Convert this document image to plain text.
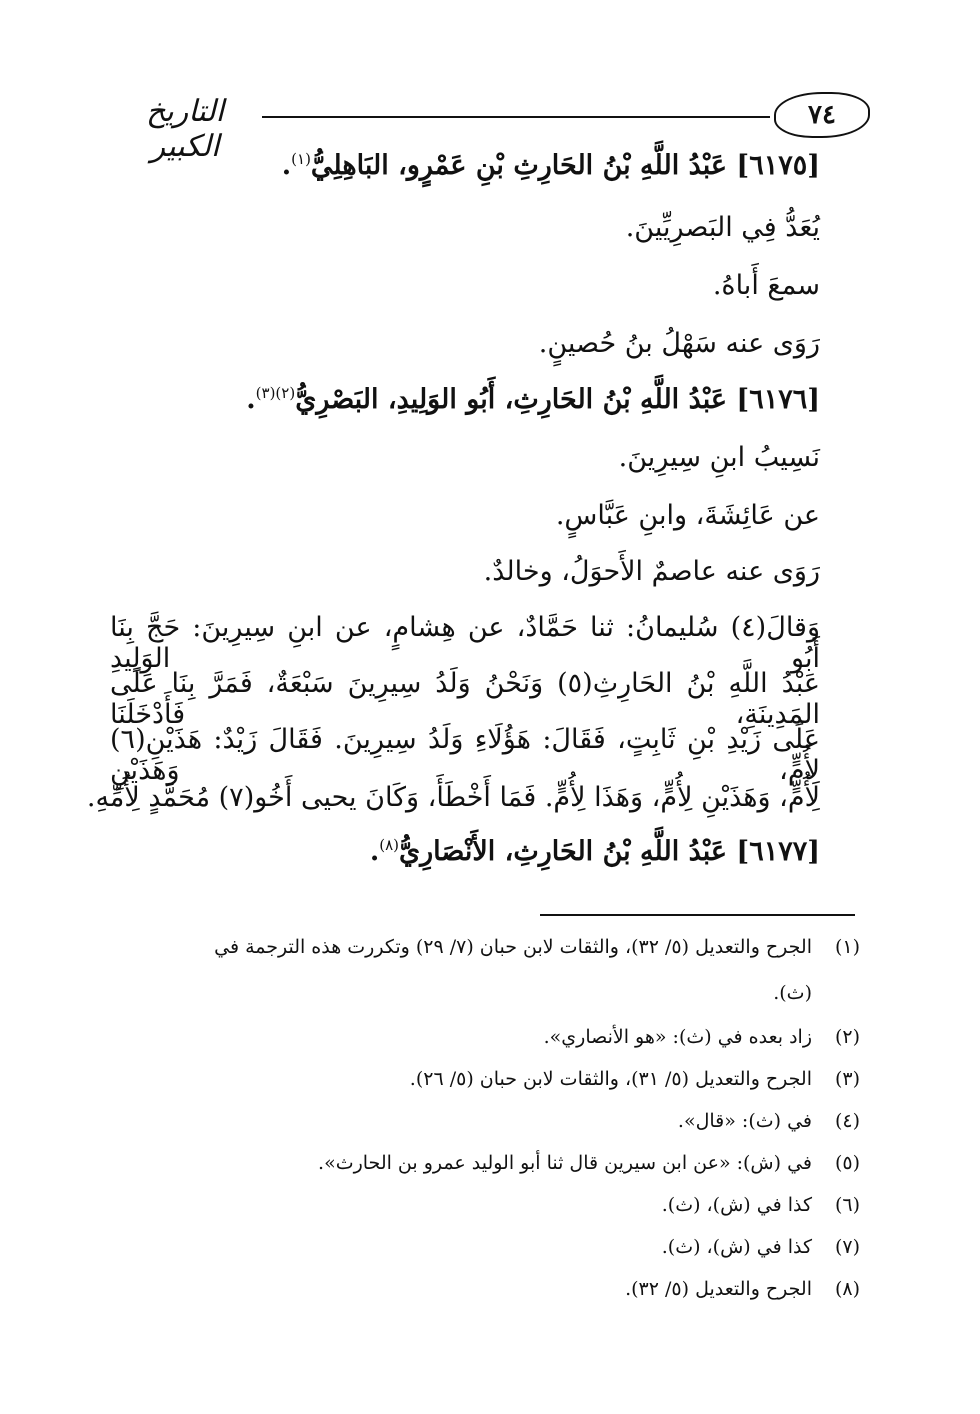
٧٤
التاريخ الكبير
[٦١٧٥] عَبْدُ اللَّهِ بْنُ الحَارِثِ بْنِ عَمْرٍو، البَاهِلِيُّ$^{(١)}$.
يُعَدُّ فِي البَصرِيِّينَ.
سمعَ أَباهُ.
رَوَى عنه سَهْلُ بنُ حُصينٍ.
[٦١٧٦] عَبْدُ اللَّهِ بْنُ الحَارِثِ، أَبُو الوَلِيدِ، البَصْرِيُّ$^{(٢)(٣)}$.
نَسِيبُ ابنِ سِيرِينَ.
عن عَائِشَةَ، وابنِ عَبَّاسٍ.
رَوَى عنه عاصمٌ الأَحوَلُ، وخالدٌ.
وَقالَ(٤) سُليمانُ: ثنا حَمَّادٌ، عن هِشامٍ، عن ابنِ سِيرِينَ: حَجَّ بِنَا أَبُو الوَلِيدِ
عَبْدُ اللَّهِ بْنُ الحَارِثِ(٥) وَنَحْنُ وَلَدُ سِيرِينَ سَبْعَةٌ، فَمَرَّ بِنَا عَلَى المَدِينَةِ، فَأَدْخَلَنَا
عَلَى زَيْدِ بْنِ ثَابِتٍ، فَقَالَ: هَؤُلَاءِ وَلَدُ سِيرِينَ. فَقَالَ زَيْدٌ: هَذَيْنِ(٦) لِأُمٍّ، وَهَذَيْنِ
لِأُمٍّ، وَهَذَيْنِ لِأُمٍّ، وَهَذَا لِأُمٍّ. فَمَا أَخْطَأَ، وَكَانَ يحيى أَخُو(٧) مُحَمَّدٍ لِأُمِّهِ.
[٦١٧٧] عَبْدُ اللَّهِ بْنُ الحَارِثِ، الأَنْصَارِيُّ$^{(٨)}$.
(١)
الجرح والتعديل (٥/ ٣٢)، والثقات لابن حبان (٧/ ٢٩) وتكررت هذه الترجمة في
(ث).
(٢)
زاد بعده في (ث): «هو الأنصاري».
(٣)
الجرح والتعديل (٥/ ٣١)، والثقات لابن حبان (٥/ ٢٦).
(٤)
في (ث): «قال».
(٥)
في (ش): «عن ابن سيرين قال ثنا أبو الوليد عمرو بن الحارث».
(٦)
كذا في (ش)، (ث).
(٧)
كذا في (ش)، (ث).
(٨)
الجرح والتعديل (٥/ ٣٢).
